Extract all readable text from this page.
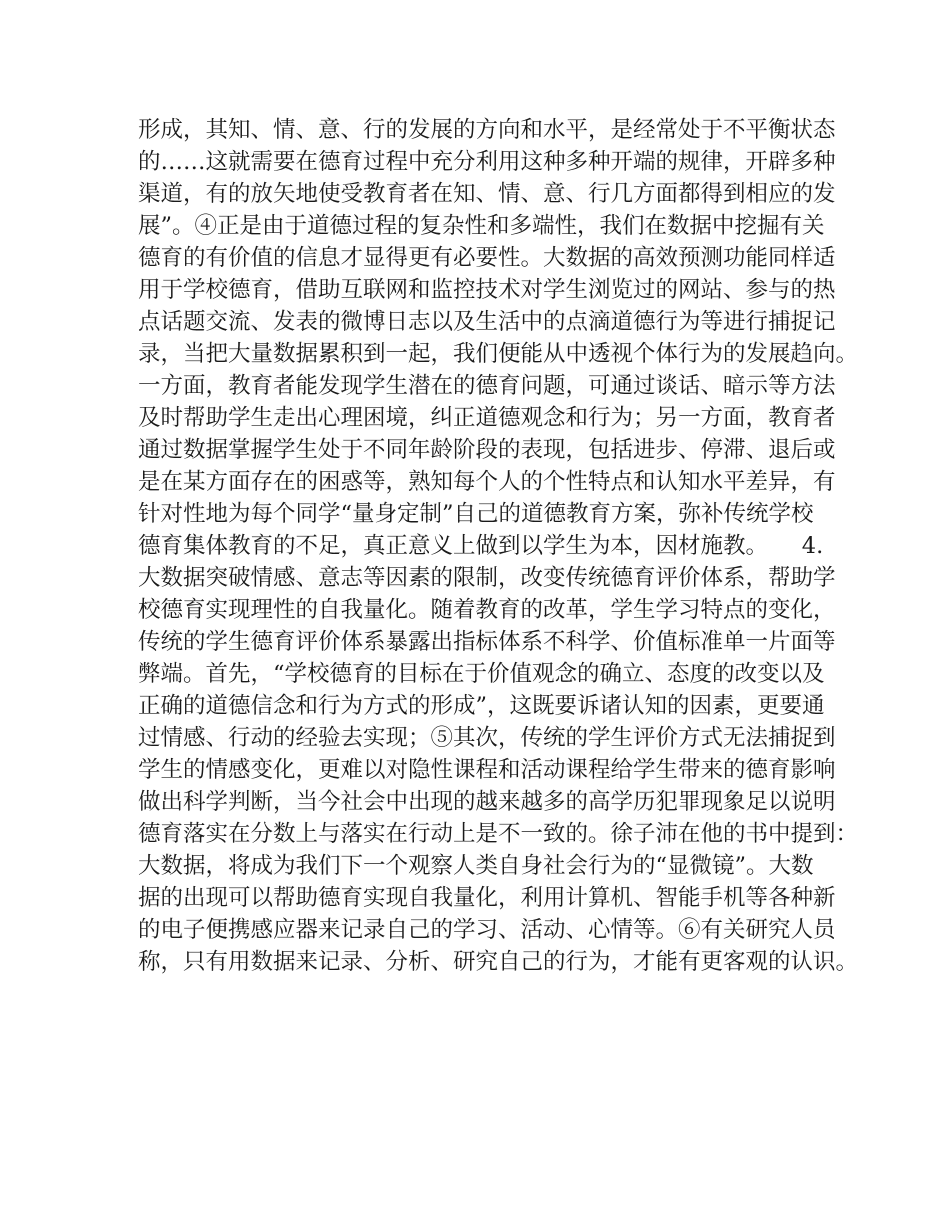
形成，其知、情、意、行的发展的方向和水平，是经常处于不平衡状态
的……这就需要在德育过程中充分利用这种多种开端的规律，开辟多种
渠道，有的放矢地使受教育者在知、情、意、行几方面都得到相应的发
展”。④正是由于道德过程的复杂性和多端性，我们在数据中挖掘有关
德育的有价值的信息才显得更有必要性。大数据的高效预测功能同样适
用于学校德育，借助互联网和监控技术对学生浏览过的网站、参与的热
点话题交流、发表的微博日志以及生活中的点滴道德行为等进行捕捉记
录，当把大量数据累积到一起，我们便能从中透视个体行为的发展趋向。
一方面，教育者能发现学生潜在的德育问题，可通过谈话、暗示等方法
及时帮助学生走出心理困境，纠正道德观念和行为；另一方面，教育者
通过数据掌握学生处于不同年龄阶段的表现，包括进步、停滞、退后或
是在某方面存在的困惑等，熟知每个人的个性特点和认知水平差异，有
针对性地为每个同学“量身定制”自己的道德教育方案，弥补传统学校
德育集体教育的不足，真正意义上做到以学生为本，因材施教。　　4.
大数据突破情感、意志等因素的限制，改变传统德育评价体系，帮助学
校德育实现理性的自我量化。随着教育的改革，学生学习特点的变化，
传统的学生德育评价体系暴露出指标体系不科学、价值标准单一片面等
弊端。首先，“学校德育的目标在于价值观念的确立、态度的改变以及
正确的道德信念和行为方式的形成”，这既要诉诸认知的因素，更要通
过情感、行动的经验去实现；⑤其次，传统的学生评价方式无法捕捉到
学生的情感变化，更难以对隐性课程和活动课程给学生带来的德育影响
做出科学判断，当今社会中出现的越来越多的高学历犯罪现象足以说明
德育落实在分数上与落实在行动上是不一致的。徐子沛在他的书中提到：
大数据，将成为我们下一个观察人类自身社会行为的“显微镜”。大数
据的出现可以帮助德育实现自我量化，利用计算机、智能手机等各种新
的电子便携感应器来记录自己的学习、活动、心情等。⑥有关研究人员
称，只有用数据来记录、分析、研究自己的行为，才能有更客观的认识。
